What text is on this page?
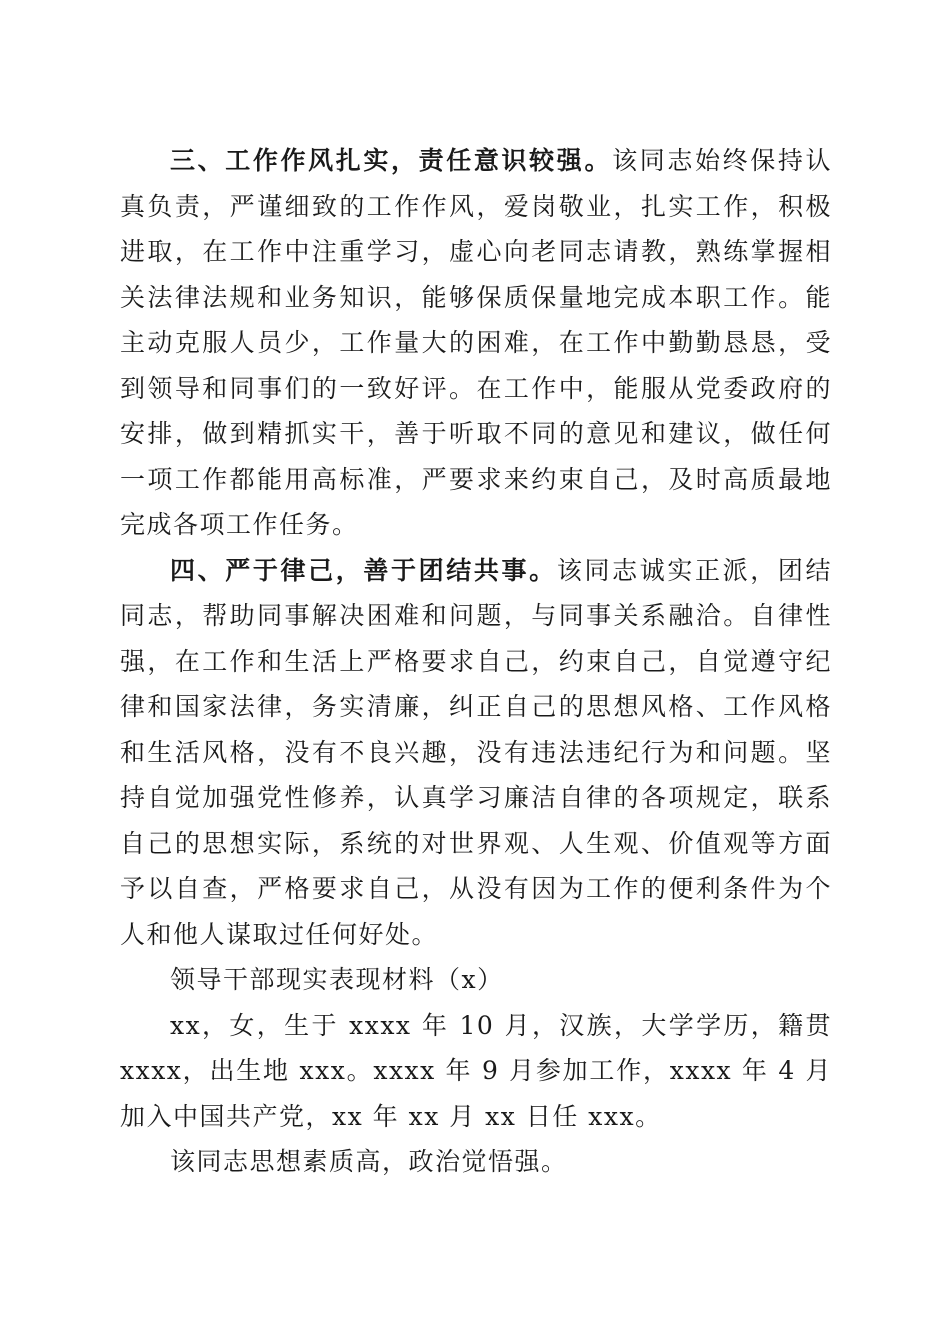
三、工作作风扎实，责任意识较强。该同志始终保持认真负责，严谨细致的工作作风，爱岗敬业，扎实工作，积极进取，在工作中注重学习，虚心向老同志请教，熟练掌握相关法律法规和业务知识，能够保质保量地完成本职工作。能主动克服人员少，工作量大的困难，在工作中勤勤恳恳，受到领导和同事们的一致好评。在工作中，能服从党委政府的安排，做到精抓实干，善于听取不同的意见和建议，做任何一项工作都能用高标准，严要求来约束自己，及时高质最地完成各项工作任务。

四、严于律己，善于团结共事。该同志诚实正派，团结同志，帮助同事解决困难和问题，与同事关系融洽。自律性强，在工作和生活上严格要求自己，约束自己，自觉遵守纪律和国家法律，务实清廉，纠正自己的思想风格、工作风格和生活风格，没有不良兴趣，没有违法违纪行为和问题。坚持自觉加强党性修养，认真学习廉洁自律的各项规定，联系自己的思想实际，系统的对世界观、人生观、价值观等方面予以自查，严格要求自己，从没有因为工作的便利条件为个人和他人谋取过任何好处。

领导干部现实表现材料（x）

xx，女，生于 xxxx 年 10 月，汉族，大学学历，籍贯 xxxx，出生地 xxx。xxxx 年 9 月参加工作，xxxx 年 4 月加入中国共产党，xx 年 xx 月 xx 日任 xxx。

该同志思想素质高，政治觉悟强。
